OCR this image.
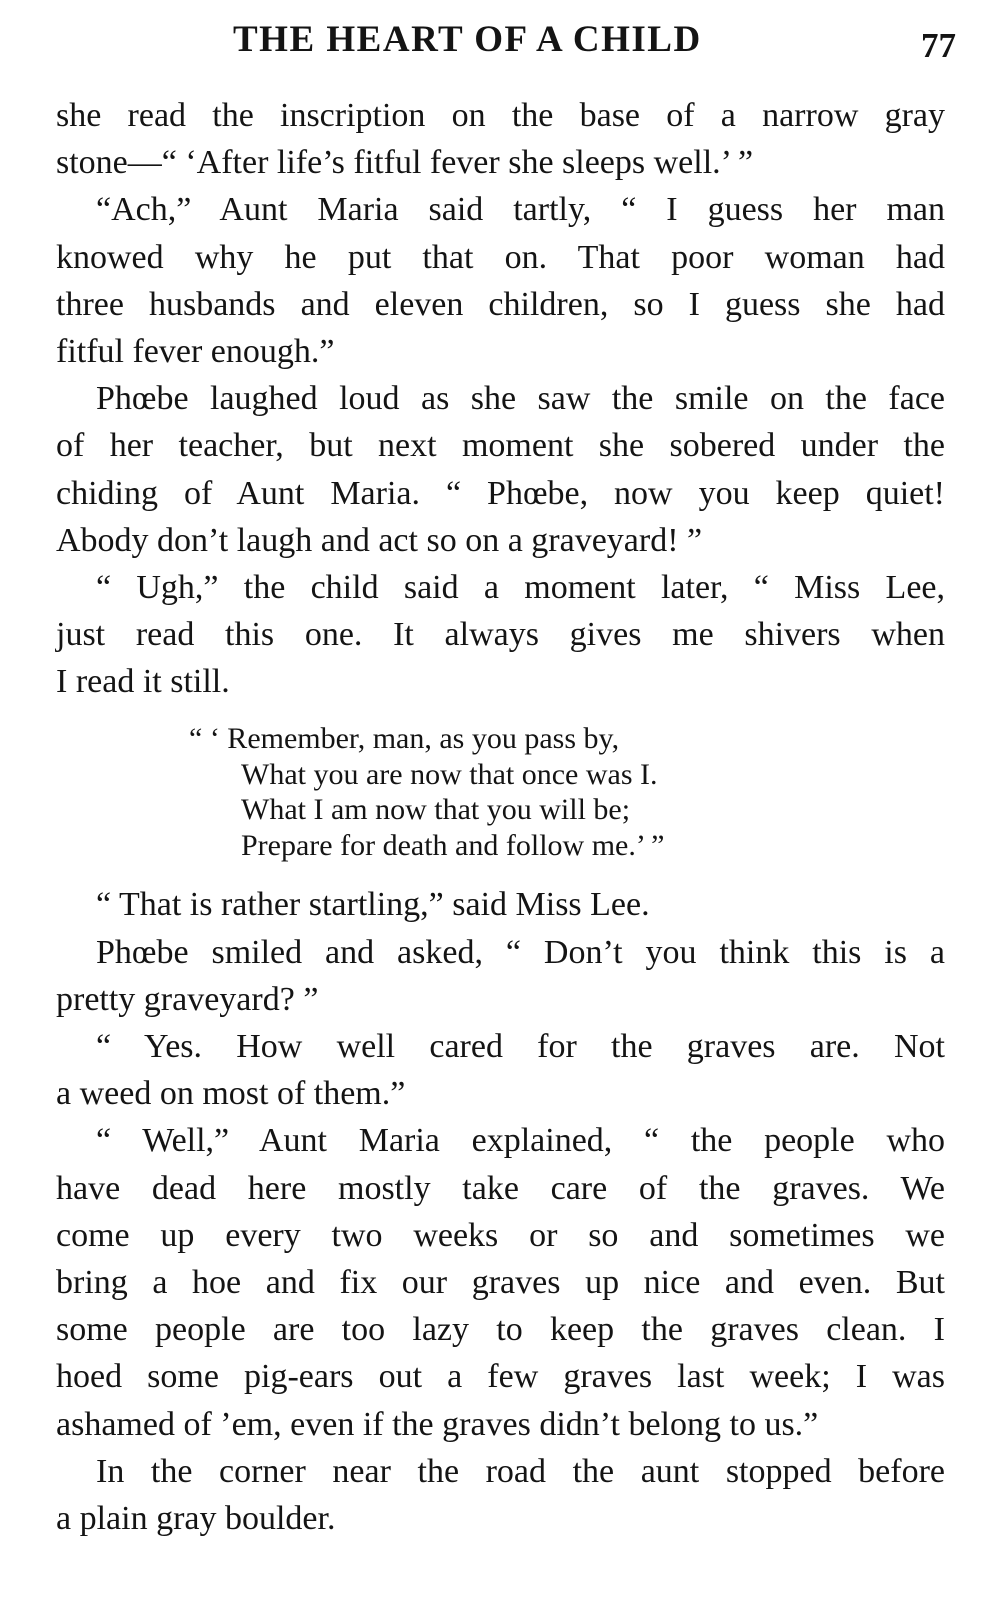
THE HEART OF A CHILD	77
she read the inscription on the base of a narrow gray
stone—“ ‘After life’s fitful fever she sleeps well.’ ”
“Ach,” Aunt Maria said tartly, “ I guess her man
knowed why he put that on. That poor woman had
three husbands and eleven children, so I guess she had
fitful fever enough.”
Phœbe laughed loud as she saw the smile on the face
of her teacher, but next moment she sobered under the
chiding of Aunt Maria. “ Phœbe, now you keep quiet!
Abody don’t laugh and act so on a graveyard! ”
“ Ugh,” the child said a moment later, “ Miss Lee,
just read this one. It always gives me shivers when
I read it still.
“ ‘ Remember, man, as you pass by,
What you are now that once was I.
What I am now that you will be;
Prepare for death and follow me.’ ”
“ That is rather startling,” said Miss Lee.
Phœbe smiled and asked, “ Don’t you think this is a
pretty graveyard? ”
“ Yes. How well cared for the graves are. Not
a weed on most of them.”
“ Well,” Aunt Maria explained, “ the people who
have dead here mostly take care of the graves. We
come up every two weeks or so and sometimes we
bring a hoe and fix our graves up nice and even. But
some people are too lazy to keep the graves clean. I
hoed some pig-ears out a few graves last week; I was
ashamed of ’em, even if the graves didn’t belong to us.”
In the corner near the road the aunt stopped before
a plain gray boulder.
